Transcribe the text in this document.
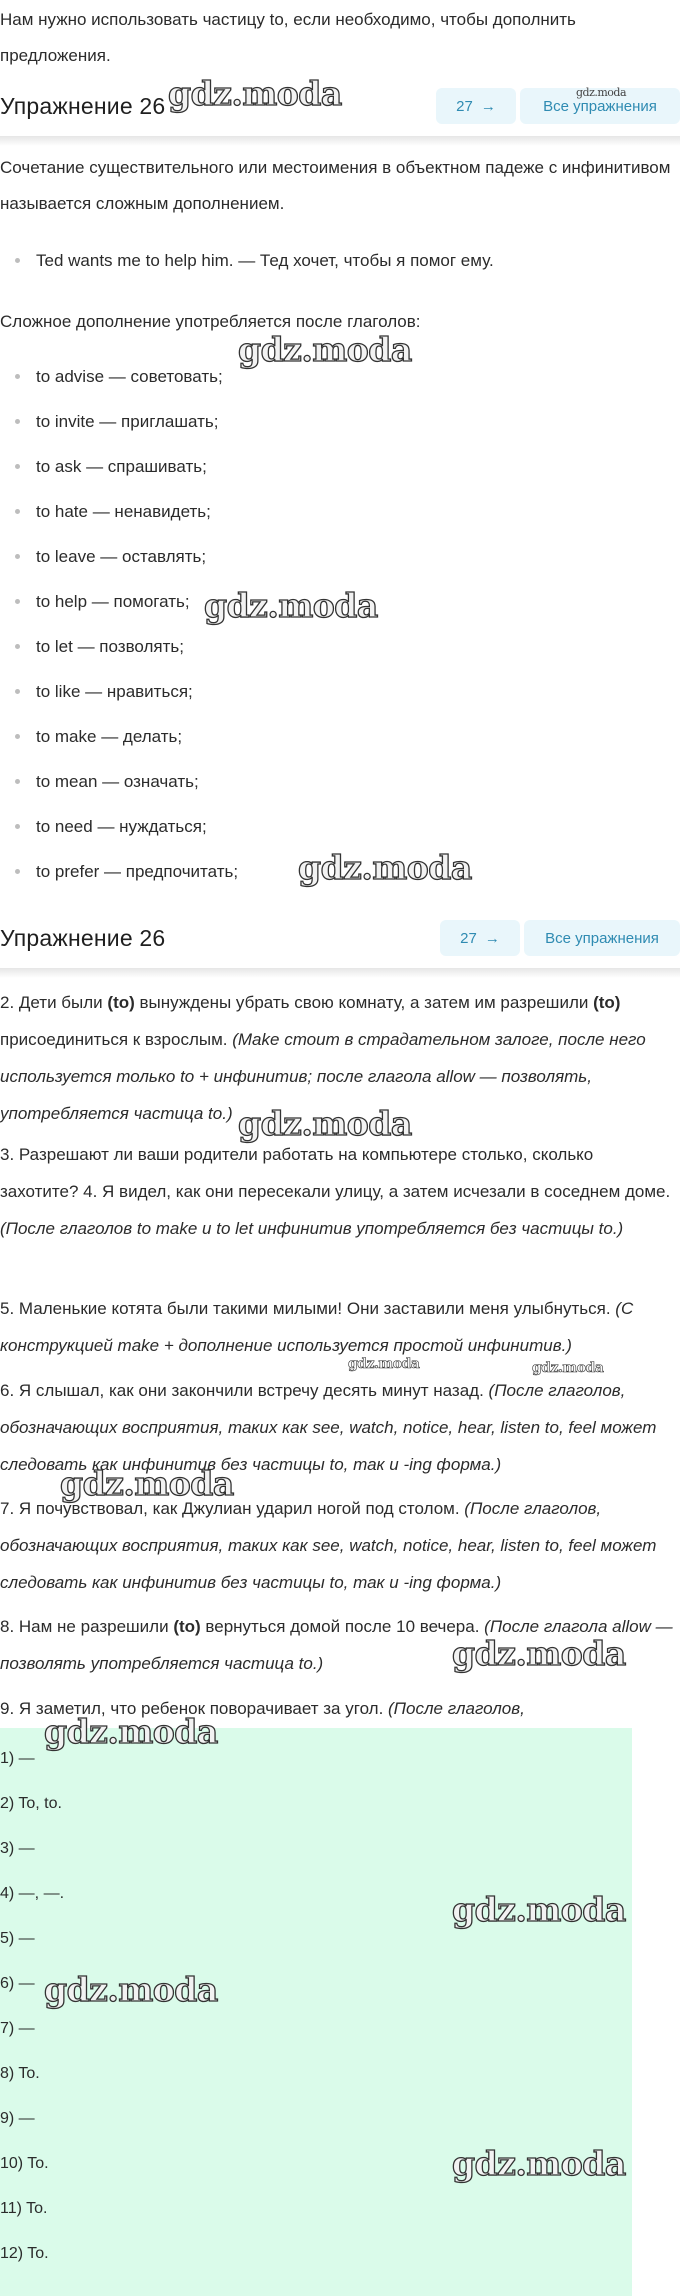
Нам нужно использовать частицу to, если необходимо, чтобы дополнить предложения.

Упражнение 26	27 →	Все упражнения

Сочетание существительного или местоимения в объектном падеже с инфинитивом называется сложным дополнением.

Ted wants me to help him. — Тед хочет, чтобы я помог ему.

Сложное дополнение употребляется после глаголов:

to advise — советовать;
to invite — приглашать;
to ask — спрашивать;
to hate — ненавидеть;
to leave — оставлять;
to help — помогать;
to let — позволять;
to like — нравиться;
to make — делать;
to mean — означать;
to need — нуждаться;
to prefer — предпочитать;
Упражнение 26	27 →	Все упражнения

2. Дети были (to) вынуждены убрать свою комнату, а затем им разрешили (to) присоединиться к взрослым. (Make стоит в страдательном залоге, после него используется только to + инфинитив; после глагола allow — позволять, употребляется частица to.)

3. Разрешают ли ваши родители работать на компьютере столько, сколько захотите? 4. Я видел, как они пересекали улицу, а затем исчезали в соседнем доме. (После глаголов to make и to let инфинитив употребляется без частицы to.)

5. Маленькие котята были такими милыми! Они заставили меня улыбнуться. (С конструкцией make + дополнение используется простой инфинитив.)

6. Я слышал, как они закончили встречу десять минут назад. (После глаголов, обозначающих восприятия, таких как see, watch, notice, hear, listen to, feel может следовать как инфинитив без частицы to, так и -ing форма.)

7. Я почувствовал, как Джулиан ударил ногой под столом. (После глаголов, обозначающих восприятия, таких как see, watch, notice, hear, listen to, feel может следовать как инфинитив без частицы to, так и -ing форма.)

8. Нам не разрешили (to) вернуться домой после 10 вечера. (После глагола allow — позволять употребляется частица to.)

9. Я заметил, что ребенок поворачивает за угол. (После глаголов,

1) —
2) To, to.
3) —
4) —, —.
5) —
6) —
7) —
8) To.
9) —
10) To.
11) To.
12) To.
gdz.moda	gdz.moda
gdz.moda
gdz.moda
gdz.moda
gdz.moda
gdz.moda	gdz.moda
gdz.moda
gdz.moda
gdz.moda
gdz.moda
gdz.moda
gdz.moda
